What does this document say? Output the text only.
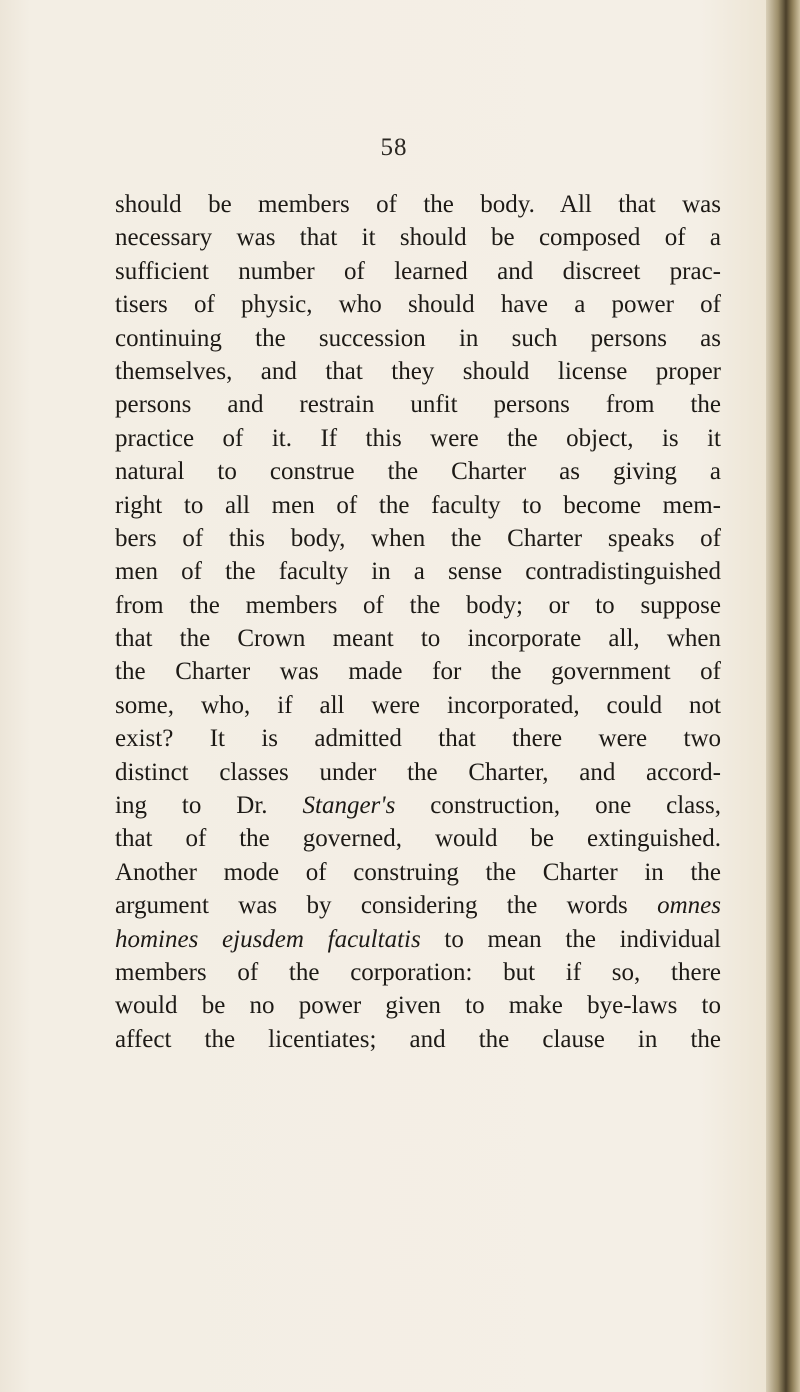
58
should be members of the body. All that was
necessary was that it should be composed of a
sufficient number of learned and discreet prac-
tisers of physic, who should have a power of
continuing the succession in such persons as
themselves, and that they should license proper
persons and restrain unfit persons from the
practice of it. If this were the object, is it
natural to construe the Charter as giving a
right to all men of the faculty to become mem-
bers of this body, when the Charter speaks of
men of the faculty in a sense contradistinguished
from the members of the body; or to suppose
that the Crown meant to incorporate all, when
the Charter was made for the government of
some, who, if all were incorporated, could not
exist? It is admitted that there were two
distinct classes under the Charter, and accord-
ing to Dr. Stanger's construction, one class,
that of the governed, would be extinguished.
Another mode of construing the Charter in the
argument was by considering the words omnes
homines ejusdem facultatis to mean the individual
members of the corporation: but if so, there
would be no power given to make bye-laws to
affect the licentiates; and the clause in the
